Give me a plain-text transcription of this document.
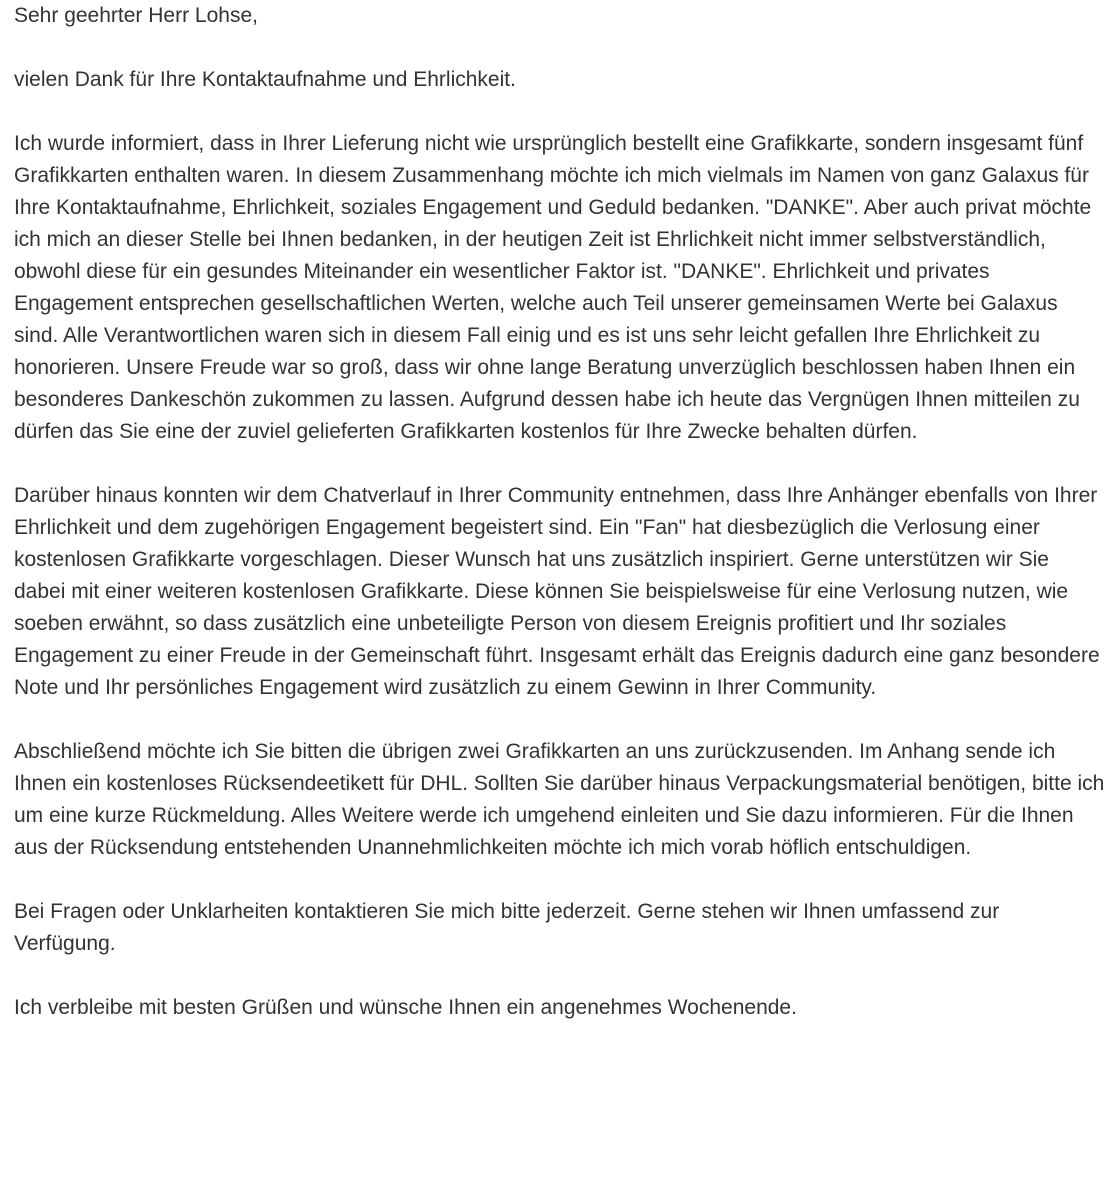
Sehr geehrter Herr Lohse,

vielen Dank für Ihre Kontaktaufnahme und Ehrlichkeit.

Ich wurde informiert, dass in Ihrer Lieferung nicht wie ursprünglich bestellt eine Grafikkarte, sondern insgesamt fünf Grafikkarten enthalten waren. In diesem Zusammenhang möchte ich mich vielmals im Namen von ganz Galaxus für Ihre Kontaktaufnahme, Ehrlichkeit, soziales Engagement und Geduld bedanken. "DANKE". Aber auch privat möchte ich mich an dieser Stelle bei Ihnen bedanken, in der heutigen Zeit ist Ehrlichkeit nicht immer selbstverständlich, obwohl diese für ein gesundes Miteinander ein wesentlicher Faktor ist. "DANKE". Ehrlichkeit und privates Engagement entsprechen gesellschaftlichen Werten, welche auch Teil unserer gemeinsamen Werte bei Galaxus sind. Alle Verantwortlichen waren sich in diesem Fall einig und es ist uns sehr leicht gefallen Ihre Ehrlichkeit zu honorieren. Unsere Freude war so groß, dass wir ohne lange Beratung unverzüglich beschlossen haben Ihnen ein besonderes Dankeschön zukommen zu lassen. Aufgrund dessen habe ich heute das Vergnügen Ihnen mitteilen zu dürfen das Sie eine der zuviel gelieferten Grafikkarten kostenlos für Ihre Zwecke behalten dürfen.

Darüber hinaus konnten wir dem Chatverlauf in Ihrer Community entnehmen, dass Ihre Anhänger ebenfalls von Ihrer Ehrlichkeit und dem zugehörigen Engagement begeistert sind. Ein "Fan" hat diesbezüglich die Verlosung einer kostenlosen Grafikkarte vorgeschlagen. Dieser Wunsch hat uns zusätzlich inspiriert. Gerne unterstützen wir Sie dabei mit einer weiteren kostenlosen Grafikkarte. Diese können Sie beispielsweise für eine Verlosung nutzen, wie soeben erwähnt, so dass zusätzlich eine unbeteiligte Person von diesem Ereignis profitiert und Ihr soziales Engagement zu einer Freude in der Gemeinschaft führt. Insgesamt erhält das Ereignis dadurch eine ganz besondere Note und Ihr persönliches Engagement wird zusätzlich zu einem Gewinn in Ihrer Community.

Abschließend möchte ich Sie bitten die übrigen zwei Grafikkarten an uns zurückzusenden. Im Anhang sende ich Ihnen ein kostenloses Rücksendeetikett für DHL. Sollten Sie darüber hinaus Verpackungsmaterial benötigen, bitte ich um eine kurze Rückmeldung. Alles Weitere werde ich umgehend einleiten und Sie dazu informieren. Für die Ihnen aus der Rücksendung entstehenden Unannehmlichkeiten möchte ich mich vorab höflich entschuldigen.

Bei Fragen oder Unklarheiten kontaktieren Sie mich bitte jederzeit. Gerne stehen wir Ihnen umfassend zur Verfügung.

Ich verbleibe mit besten Grüßen und wünsche Ihnen ein angenehmes Wochenende.
